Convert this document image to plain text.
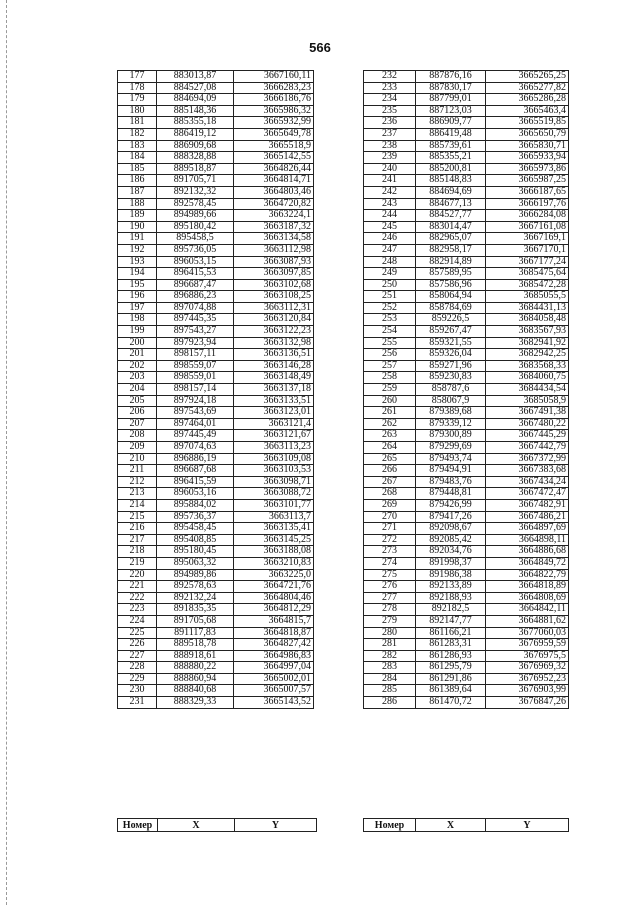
566
177	883013,87	3667160,11
178	884527,08	3666283,23
179	884694,09	3666186,76
180	885148,36	3665986,32
181	885355,18	3665932,99
182	886419,12	3665649,78
183	886909,68	3665518,9
184	888328,88	3665142,55
185	889518,87	3664826,44
186	891705,71	3664814,71
187	892132,32	3664803,46
188	892578,45	3664720,82
189	894989,66	3663224,1
190	895180,42	3663187,32
191	895458,5	3663134,58
192	895736,05	3663112,98
193	896053,15	3663087,93
194	896415,53	3663097,85
195	896687,47	3663102,68
196	896886,23	3663108,25
197	897074,88	3663112,31
198	897445,35	3663120,84
199	897543,27	3663122,23
200	897923,94	3663132,98
201	898157,11	3663136,51
202	898559,07	3663146,28
203	898559,01	3663148,49
204	898157,14	3663137,18
205	897924,18	3663133,51
206	897543,69	3663123,01
207	897464,01	3663121,4
208	897445,49	3663121,67
209	897074,63	3663113,23
210	896886,19	3663109,08
211	896687,68	3663103,53
212	896415,59	3663098,71
213	896053,16	3663088,72
214	895884,02	3663101,77
215	895736,37	3663113,7
216	895458,45	3663135,41
217	895408,85	3663145,25
218	895180,45	3663188,08
219	895063,32	3663210,83
220	894989,86	3663225,0
221	892578,63	3664721,76
222	892132,24	3664804,46
223	891835,35	3664812,29
224	891705,68	3664815,7
225	891117,83	3664818,87
226	889518,78	3664827,42
227	888918,61	3664986,83
228	888880,22	3664997,04
229	888860,94	3665002,01
230	888840,68	3665007,57
231	888329,33	3665143,52
232	887876,16	3665265,25
233	887830,17	3665277,82
234	887799,01	3665286,28
235	887123,03	3665463,4
236	886909,77	3665519,85
237	886419,48	3665650,79
238	885739,61	3665830,71
239	885355,21	3665933,94
240	885200,81	3665973,86
241	885148,83	3665987,25
242	884694,69	3666187,65
243	884677,13	3666197,76
244	884527,77	3666284,08
245	883014,47	3667161,08
246	882965,07	3667169,1
247	882958,17	3667170,1
248	882914,89	3667177,24
249	857589,95	3685475,64
250	857586,96	3685472,28
251	858064,94	3685055,5
252	858784,69	3684431,13
253	859226,5	3684058,48
254	859267,47	3683567,93
255	859321,55	3682941,92
256	859326,04	3682942,25
257	859271,96	3683568,33
258	859230,83	3684060,75
259	858787,6	3684434,54
260	858067,9	3685058,9
261	879389,68	3667491,38
262	879339,12	3667480,22
263	879300,89	3667445,29
264	879299,69	3667442,79
265	879493,74	3667372,99
266	879494,91	3667383,68
267	879483,76	3667434,24
268	879448,81	3667472,47
269	879426,99	3667482,91
270	879417,26	3667486,21
271	892098,67	3664897,69
272	892085,42	3664898,11
273	892034,76	3664886,68
274	891998,37	3664849,72
275	891986,38	3664822,79
276	892133,89	3664818,89
277	892188,93	3664808,69
278	892182,5	3664842,11
279	892147,77	3664881,62
280	861166,21	3677060,03
281	861283,31	3676959,59
282	861286,93	3676975,5
283	861295,79	3676969,32
284	861291,86	3676952,23
285	861389,64	3676903,99
286	861470,72	3676847,26
Номер	X	Y	Номер	X	Y
